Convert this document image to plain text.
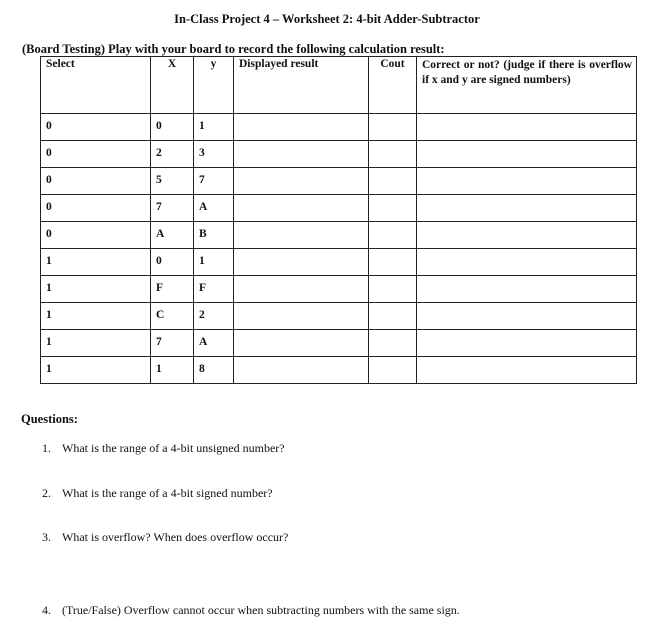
In-Class Project 4 – Worksheet 2: 4-bit Adder-Subtractor
(Board Testing) Play with your board to record the following calculation result:
Select	X	y	Displayed result	Cout	Correct or not? (judge if there is overflow if x and y are signed numbers)
0	0	1			
0	2	3			
0	5	7			
0	7	A			
0	A	B			
1	0	1			
1	F	F			
1	C	2			
1	7	A			
1	1	8			
Questions:
1. What is the range of a 4-bit unsigned number?
2. What is the range of a 4-bit signed number?
3. What is overflow? When does overflow occur?
4. (True/False) Overflow cannot occur when subtracting numbers with the same sign.
